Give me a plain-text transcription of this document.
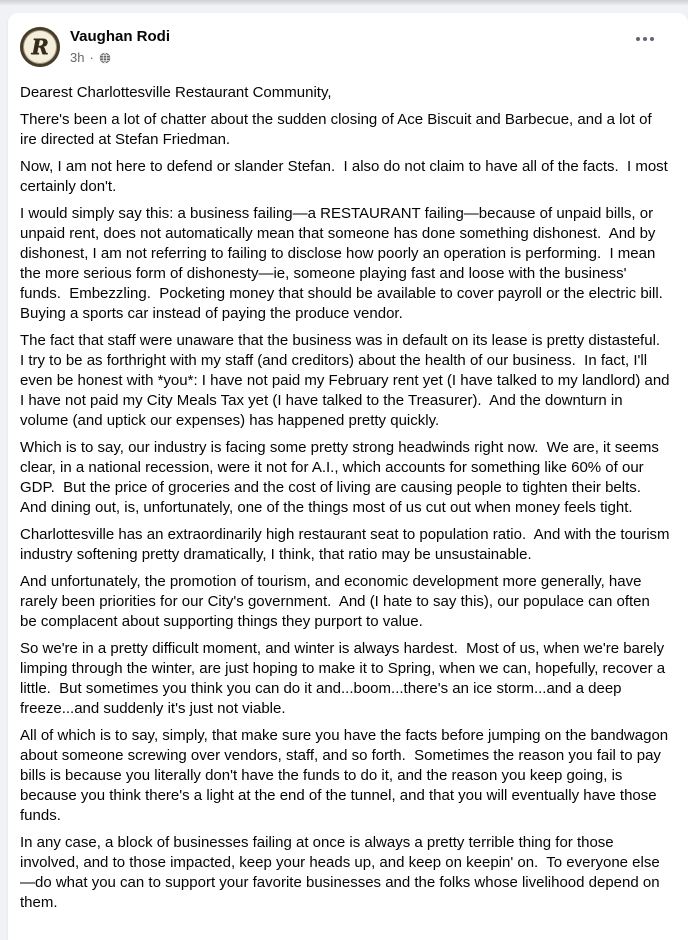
R Vaughan Rodi
3h ·

Dearest Charlottesville Restaurant Community,

There's been a lot of chatter about the sudden closing of Ace Biscuit and Barbecue, and a lot of ire directed at Stefan Friedman.

Now, I am not here to defend or slander Stefan.  I also do not claim to have all of the facts.  I most certainly don't.

I would simply say this: a business failing—a RESTAURANT failing—because of unpaid bills, or unpaid rent, does not automatically mean that someone has done something dishonest.  And by dishonest, I am not referring to failing to disclose how poorly an operation is performing.  I mean the more serious form of dishonesty—ie, someone playing fast and loose with the business' funds.  Embezzling.  Pocketing money that should be available to cover payroll or the electric bill.  Buying a sports car instead of paying the produce vendor.

The fact that staff were unaware that the business was in default on its lease is pretty distasteful.  I try to be as forthright with my staff (and creditors) about the health of our business.  In fact, I'll even be honest with *you*: I have not paid my February rent yet (I have talked to my landlord) and I have not paid my City Meals Tax yet (I have talked to the Treasurer).  And the downturn in volume (and uptick our expenses) has happened pretty quickly.

Which is to say, our industry is facing some pretty strong headwinds right now.  We are, it seems clear, in a national recession, were it not for A.I., which accounts for something like 60% of our GDP.  But the price of groceries and the cost of living are causing people to tighten their belts.  And dining out, is, unfortunately, one of the things most of us cut out when money feels tight.

Charlottesville has an extraordinarily high restaurant seat to population ratio.  And with the tourism industry softening pretty dramatically, I think, that ratio may be unsustainable.

And unfortunately, the promotion of tourism, and economic development more generally, have rarely been priorities for our City's government.  And (I hate to say this), our populace can often be complacent about supporting things they purport to value.

So we're in a pretty difficult moment, and winter is always hardest.  Most of us, when we're barely limping through the winter, are just hoping to make it to Spring, when we can, hopefully, recover a little.  But sometimes you think you can do it and...boom...there's an ice storm...and a deep freeze...and suddenly it's just not viable.

All of which is to say, simply, that make sure you have the facts before jumping on the bandwagon about someone screwing over vendors, staff, and so forth.  Sometimes the reason you fail to pay bills is because you literally don't have the funds to do it, and the reason you keep going, is because you think there's a light at the end of the tunnel, and that you will eventually have those funds.

In any case, a block of businesses failing at once is always a pretty terrible thing for those involved, and to those impacted, keep your heads up, and keep on keepin' on.  To everyone else—do what you can to support your favorite businesses and the folks whose livelihood depend on them.
